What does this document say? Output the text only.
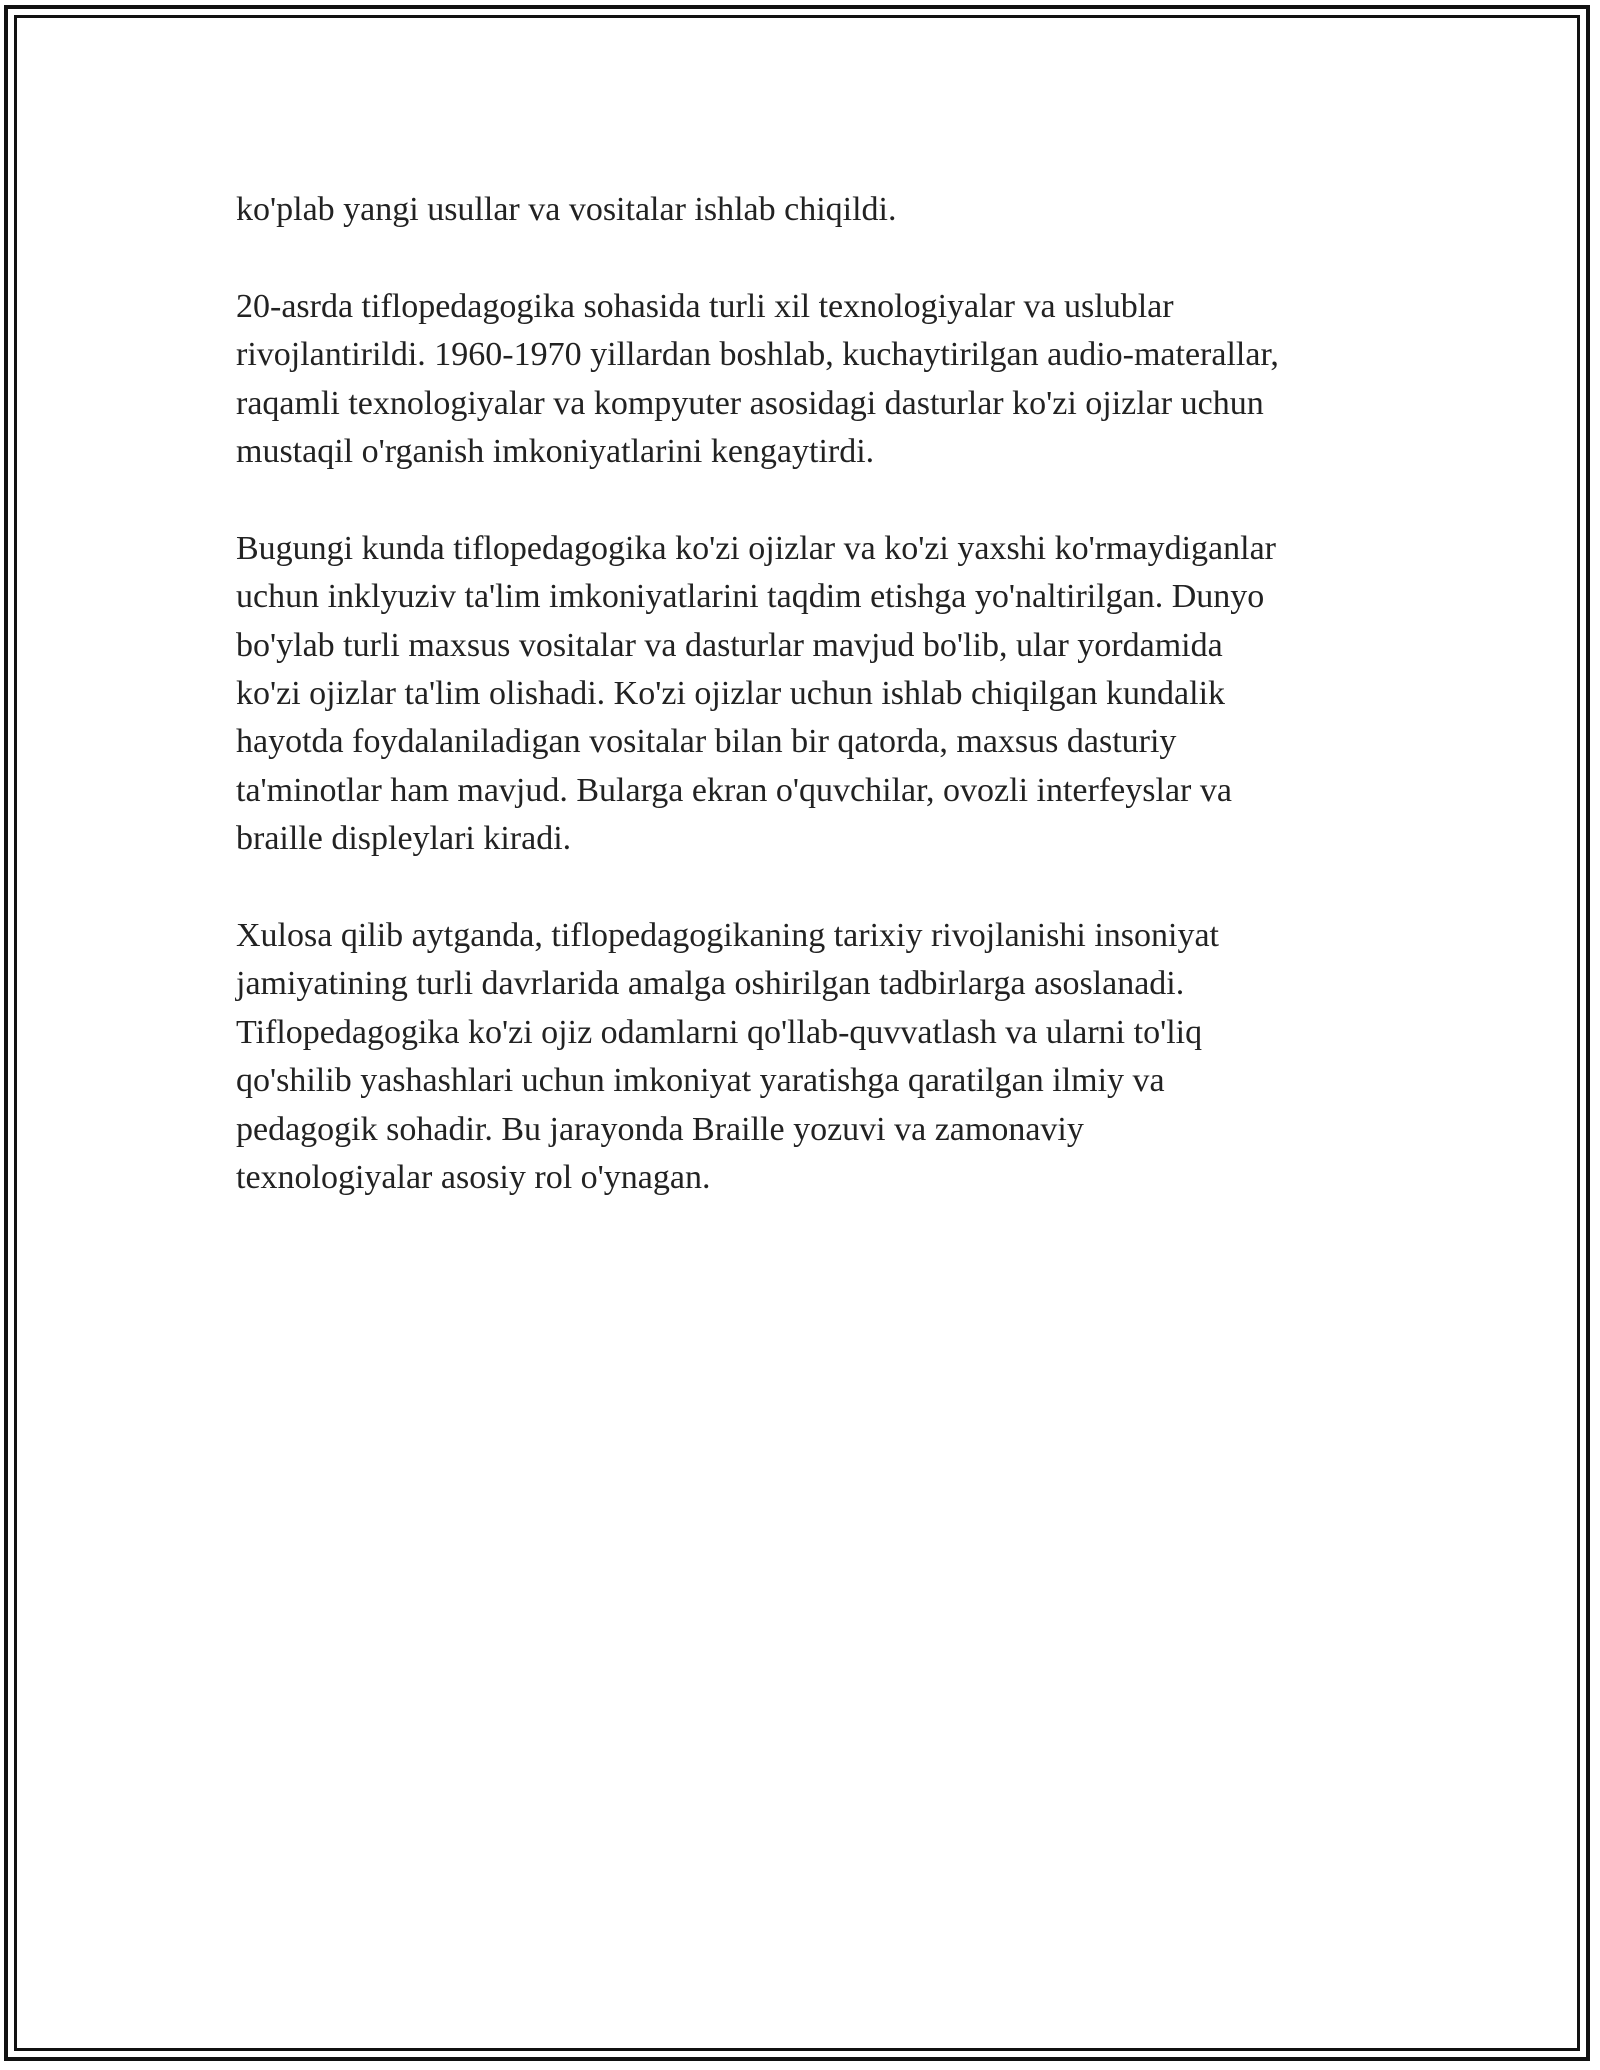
ko'plab yangi usullar va vositalar ishlab chiqildi.

20-asrda tiflopedagogika sohasida turli xil texnologiyalar va uslublar
rivojlantirildi. 1960-1970 yillardan boshlab, kuchaytirilgan audio-materallar,
raqamli texnologiyalar va kompyuter asosidagi dasturlar ko'zi ojizlar uchun
mustaqil o'rganish imkoniyatlarini kengaytirdi.

Bugungi kunda tiflopedagogika ko'zi ojizlar va ko'zi yaxshi ko'rmaydiganlar
uchun inklyuziv ta'lim imkoniyatlarini taqdim etishga yo'naltirilgan. Dunyo
bo'ylab turli maxsus vositalar va dasturlar mavjud bo'lib, ular yordamida
ko'zi ojizlar ta'lim olishadi. Ko'zi ojizlar uchun ishlab chiqilgan kundalik
hayotda foydalaniladigan vositalar bilan bir qatorda, maxsus dasturiy
ta'minotlar ham mavjud. Bularga ekran o'quvchilar, ovozli interfeyslar va
braille displeylari kiradi.

Xulosa qilib aytganda, tiflopedagogikaning tarixiy rivojlanishi insoniyat
jamiyatining turli davrlarida amalga oshirilgan tadbirlarga asoslanadi.
Tiflopedagogika ko'zi ojiz odamlarni qo'llab-quvvatlash va ularni to'liq
qo'shilib yashashlari uchun imkoniyat yaratishga qaratilgan ilmiy va
pedagogik sohadir. Bu jarayonda Braille yozuvi va zamonaviy
texnologiyalar asosiy rol o'ynagan.
